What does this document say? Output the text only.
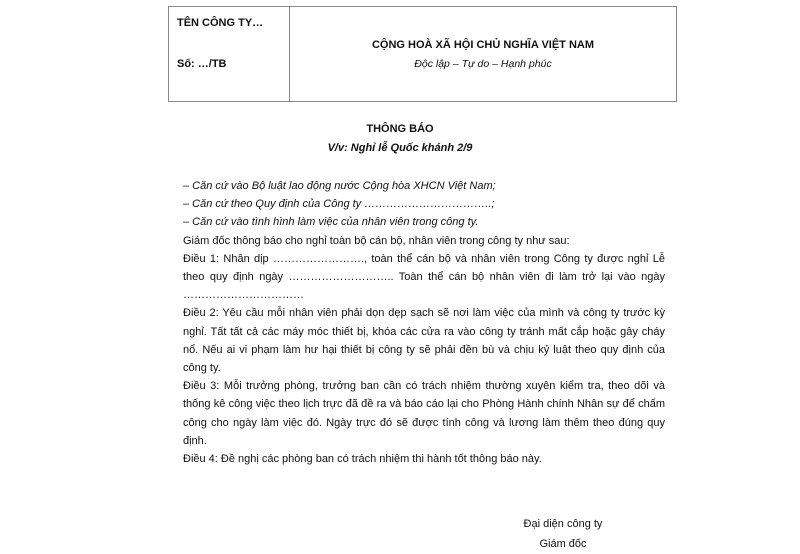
TÊN CÔNG TY…
Số: …/TB
CỘNG HOÀ XÃ HỘI CHỦ NGHĨA VIỆT NAM
Độc lập – Tự do – Hạnh phúc
THÔNG BÁO
V/v: Nghỉ lễ Quốc khánh 2/9

– Căn cứ vào Bộ luật lao động nước Cộng hòa XHCN Việt Nam;

– Căn cứ theo Quy định của Công ty ……………………………..;

– Căn cứ vào tình hình làm việc của nhân viên trong công ty.

Giám đốc thông báo cho nghỉ toàn bộ cán bộ, nhân viên trong công ty như sau:

Điều 1: Nhân dịp ……………………., toàn thể cán bộ và nhân viên trong Công ty được nghỉ Lễ theo quy định ngày ……………………….. Toàn thể cán bộ nhân viên đi làm trở lại vào ngày ……………………………

Điều 2: Yêu cầu mỗi nhân viên phải dọn dẹp sạch sẽ nơi làm việc của mình và công ty trước kỳ nghỉ. Tất tất cả các máy móc thiết bị, khóa các cửa ra vào công ty tránh mất cắp hoặc gây cháy nổ. Nếu ai vi phạm làm hư hại thiết bị công ty sẽ phải đền bù và chịu kỷ luật theo quy định của công ty.

Điều 3: Mỗi trưởng phòng, trưởng ban cần có trách nhiệm thường xuyên kiểm tra, theo dõi và thống kê công việc theo lịch trực đã đề ra và báo cáo lại cho Phòng Hành chính Nhân sự để chấm công cho ngày làm việc đó. Ngày trực đó sẽ được tính công và lương làm thêm theo đúng quy định.

Điều 4: Đề nghị các phòng ban có trách nhiệm thi hành tốt thông báo này.

Đại diện công ty
Giám đốc
